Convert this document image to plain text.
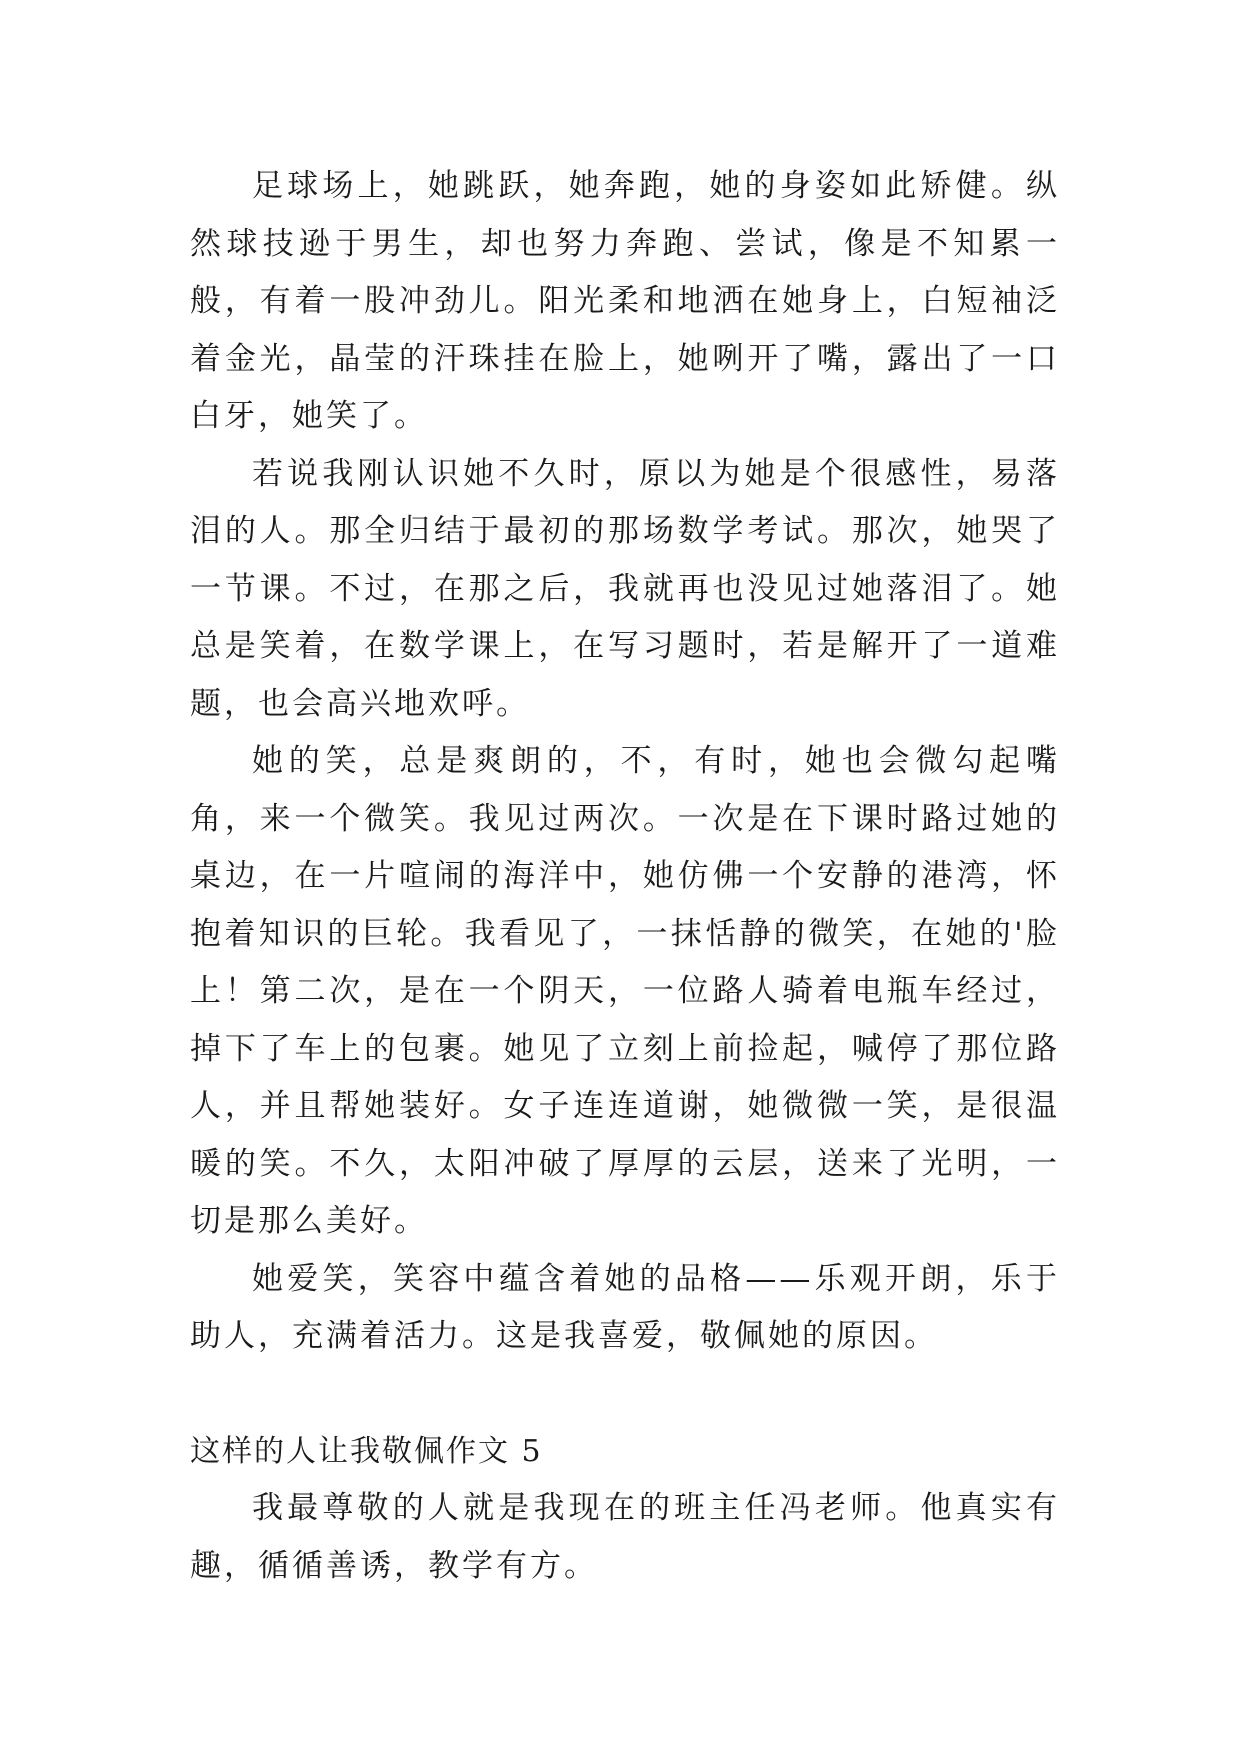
足球场上，她跳跃，她奔跑，她的身姿如此矫健。纵然球技逊于男生，却也努力奔跑、尝试，像是不知累一般，有着一股冲劲儿。阳光柔和地洒在她身上，白短袖泛着金光，晶莹的汗珠挂在脸上，她咧开了嘴，露出了一口白牙，她笑了。

若说我刚认识她不久时，原以为她是个很感性，易落泪的人。那全归结于最初的那场数学考试。那次，她哭了一节课。不过，在那之后，我就再也没见过她落泪了。她总是笑着，在数学课上，在写习题时，若是解开了一道难题，也会高兴地欢呼。

她的笑，总是爽朗的，不，有时，她也会微勾起嘴角，来一个微笑。我见过两次。一次是在下课时路过她的桌边，在一片喧闹的海洋中，她仿佛一个安静的港湾，怀抱着知识的巨轮。我看见了，一抹恬静的微笑，在她的'脸上！第二次，是在一个阴天，一位路人骑着电瓶车经过，掉下了车上的包裹。她见了立刻上前捡起，喊停了那位路人，并且帮她装好。女子连连道谢，她微微一笑，是很温暖的笑。不久，太阳冲破了厚厚的云层，送来了光明，一切是那么美好。

她爱笑，笑容中蕴含着她的品格——乐观开朗，乐于助人，充满着活力。这是我喜爱，敬佩她的原因。

这样的人让我敬佩作文 5

我最尊敬的人就是我现在的班主任冯老师。他真实有趣，循循善诱，教学有方。
